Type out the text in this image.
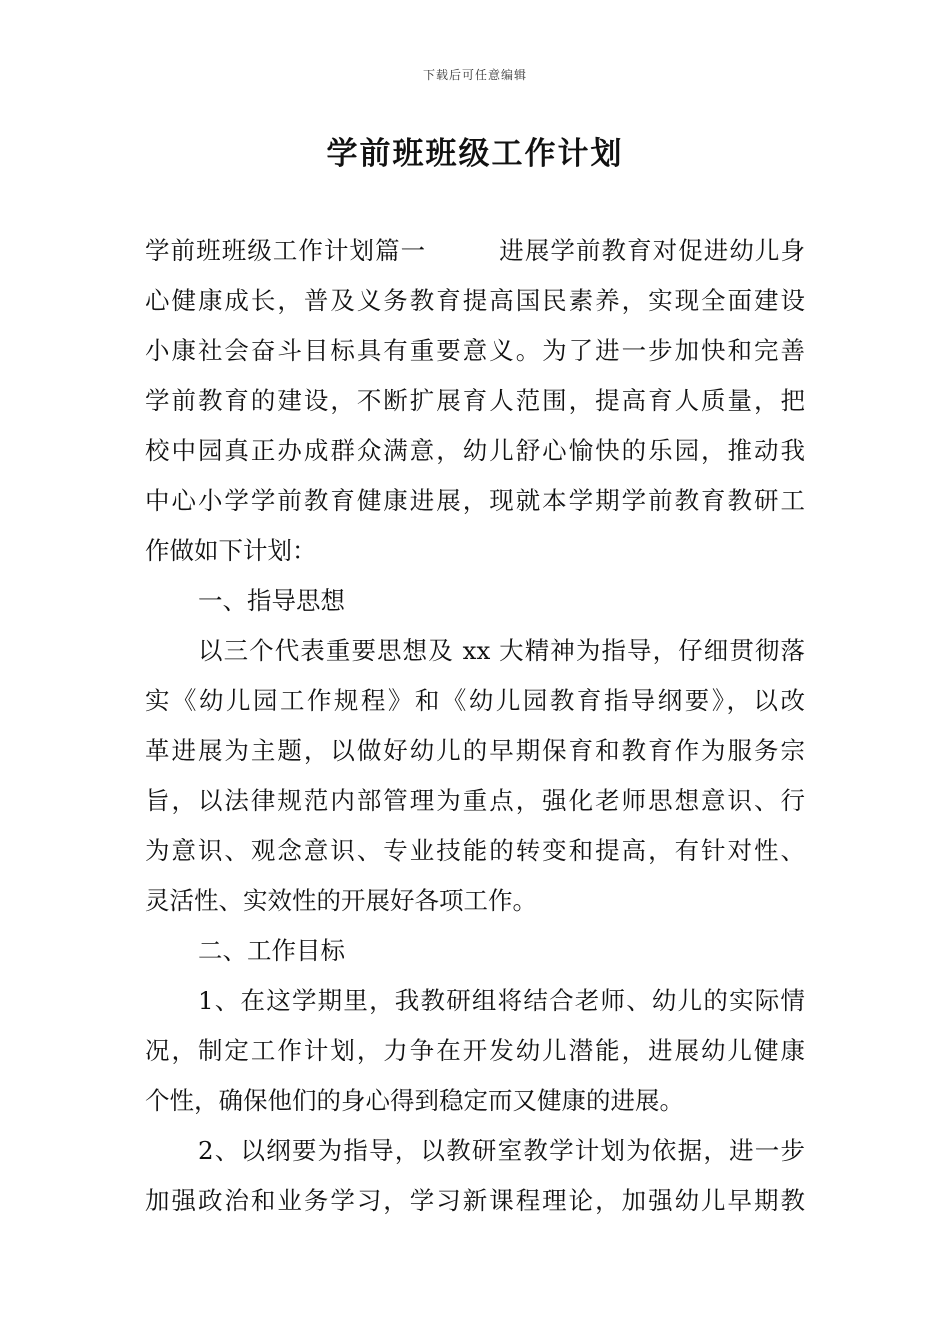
下载后可任意编辑
学前班班级工作计划
学前班班级工作计划篇一	进展学前教育对促进幼儿身
心健康成长，普及义务教育提高国民素养，实现全面建设
小康社会奋斗目标具有重要意义。为了进一步加快和完善
学前教育的建设，不断扩展育人范围，提高育人质量，把
校中园真正办成群众满意，幼儿舒心愉快的乐园，推动我
中心小学学前教育健康进展，现就本学期学前教育教研工
作做如下计划：
一、指导思想
以三个代表重要思想及 xx 大精神为指导，仔细贯彻落
实《幼儿园工作规程》和《幼儿园教育指导纲要》，以改
革进展为主题，以做好幼儿的早期保育和教育作为服务宗
旨，以法律规范内部管理为重点，强化老师思想意识、行
为意识、观念意识、专业技能的转变和提高，有针对性、
灵活性、实效性的开展好各项工作。
二、工作目标
1、在这学期里，我教研组将结合老师、幼儿的实际情
况，制定工作计划，力争在开发幼儿潜能，进展幼儿健康
个性，确保他们的身心得到稳定而又健康的进展。
2、以纲要为指导，以教研室教学计划为依据，进一步
加强政治和业务学习，学习新课程理论，加强幼儿早期教
